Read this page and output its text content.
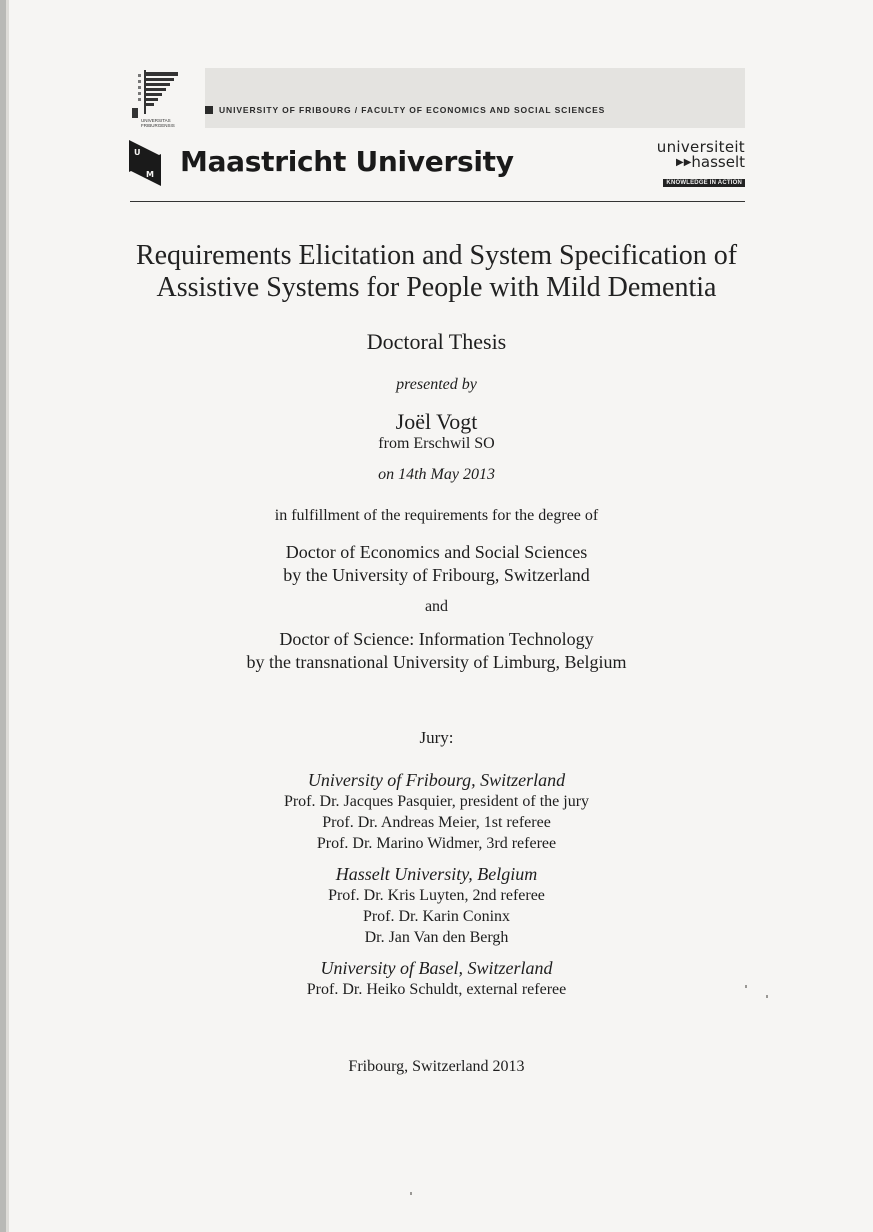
UNIVERSITAS FRIBURGENSIS
UNIVERSITY OF FRIBOURG / FACULTY OF ECONOMICS AND SOCIAL SCIENCES
U
M Maastricht University	universiteit
▶▶hasselt
KNOWLEDGE IN ACTION
Requirements Elicitation and System Specification of Assistive Systems for People with Mild Dementia
Doctoral Thesis
presented by
Joël Vogt
from Erschwil SO
on 14th May 2013
in fulfillment of the requirements for the degree of
Doctor of Economics and Social Sciences
by the University of Fribourg, Switzerland
and
Doctor of Science: Information Technology
by the transnational University of Limburg, Belgium
Jury:
University of Fribourg, Switzerland
Prof. Dr. Jacques Pasquier, president of the jury
Prof. Dr. Andreas Meier, 1st referee
Prof. Dr. Marino Widmer, 3rd referee
Hasselt University, Belgium
Prof. Dr. Kris Luyten, 2nd referee
Prof. Dr. Karin Coninx
Dr. Jan Van den Bergh
University of Basel, Switzerland
Prof. Dr. Heiko Schuldt, external referee
Fribourg, Switzerland 2013
